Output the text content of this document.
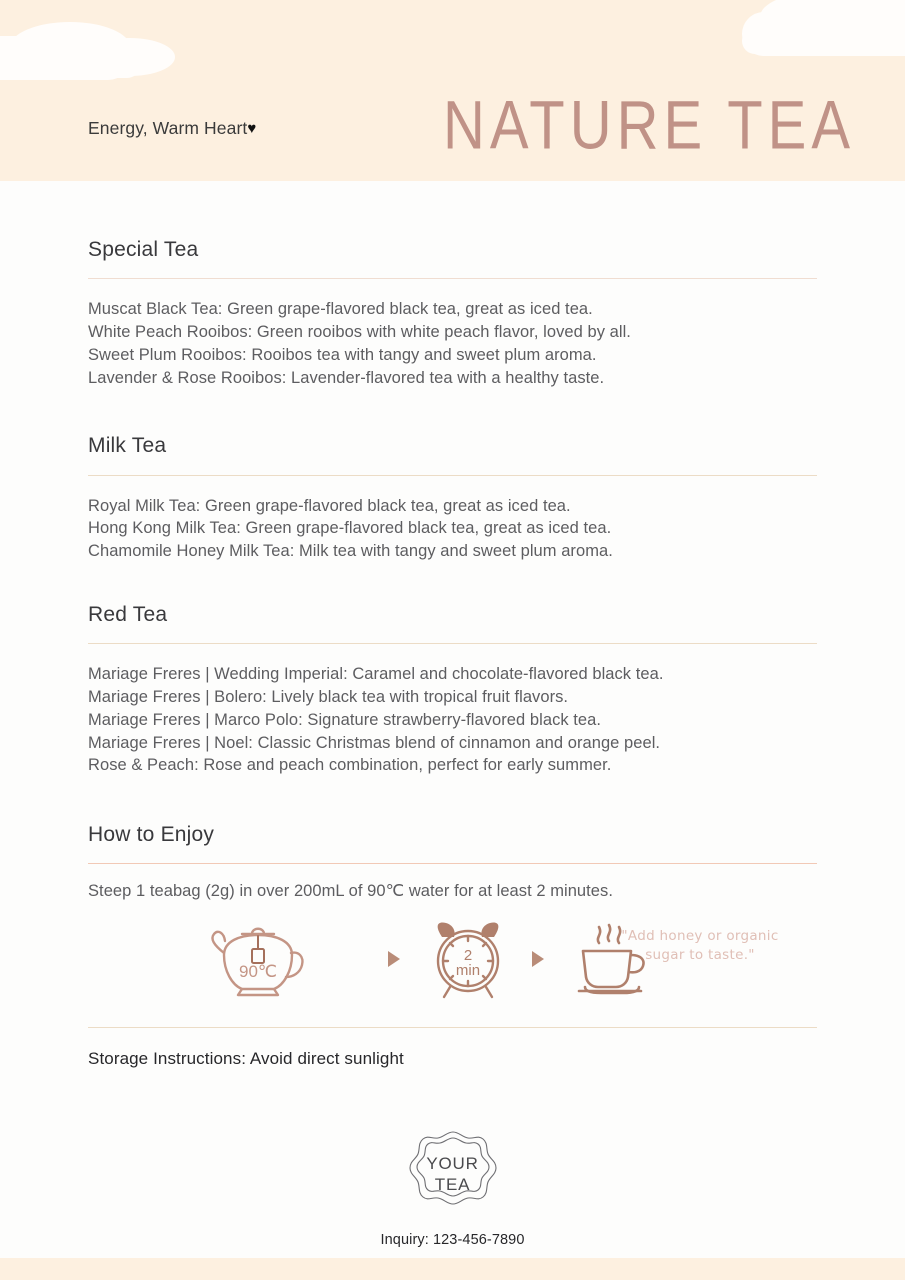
Energy, Warm Heart♥	NATURE TEA
Special Tea
Muscat Black Tea: Green grape-flavored black tea, great as iced tea.
White Peach Rooibos: Green rooibos with white peach flavor, loved by all.
Sweet Plum Rooibos: Rooibos tea with tangy and sweet plum aroma.
Lavender & Rose Rooibos: Lavender-flavored tea with a healthy taste.
Milk Tea
Royal Milk Tea: Green grape-flavored black tea, great as iced tea.
Hong Kong Milk Tea: Green grape-flavored black tea, great as iced tea.
Chamomile Honey Milk Tea: Milk tea with tangy and sweet plum aroma.
Red Tea
Mariage Freres | Wedding Imperial: Caramel and chocolate-flavored black tea.
Mariage Freres | Bolero: Lively black tea with tropical fruit flavors.
Mariage Freres | Marco Polo: Signature strawberry-flavored black tea.
Mariage Freres | Noel: Classic Christmas blend of cinnamon and orange peel.
Rose & Peach: Rose and peach combination, perfect for early summer.
How to Enjoy
Steep 1 teabag (2g) in over 200mL of 90℃ water for at least 2 minutes.
90℃
2
min
"Add honey or organic
sugar to taste."
Storage Instructions: Avoid direct sunlight
YOUR
TEA
Inquiry: 123-456-7890
